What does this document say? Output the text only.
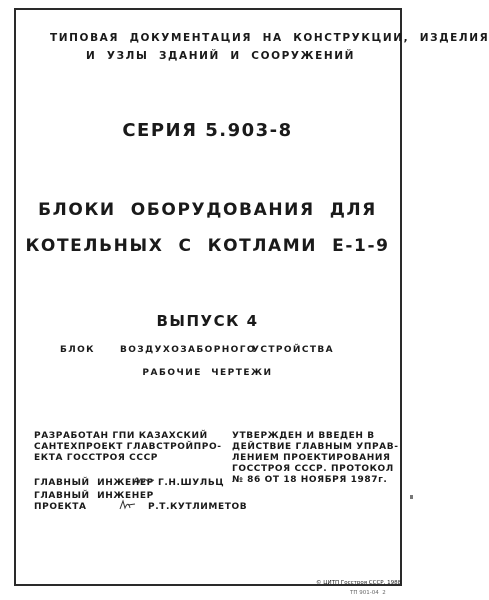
ТИПОВАЯ  ДОКУМЕНТАЦИЯ  НА  КОНСТРУКЦИИ,  ИЗДЕЛИЯ
И  УЗЛЫ  ЗДАНИЙ  И  СООРУЖЕНИЙ
СЕРИЯ 5.903-8
БЛОКИ  ОБОРУДОВАНИЯ  ДЛЯ
КОТЕЛЬНЫХ  С  КОТЛАМИ  Е-1-9
ВЫПУСК 4
БЛОК	ВОЗДУХОЗАБОРНОГО
УСТРОЙСТВА
РАБОЧИЕ  ЧЕРТЕЖИ
РАЗРАБОТАН ГПИ КАЗАХСКИЙ
САНТЕХПРОЕКТ ГЛАВСТРОЙПРО-
ЕКТА ГОССТРОЯ СССР
УТВЕРЖДЕН И ВВЕДЕН В
ДЕЙСТВИЕ ГЛАВНЫМ УПРАВ-
ЛЕНИЕМ ПРОЕКТИРОВАНИЯ
ГОССТРОЯ СССР. ПРОТОКОЛ
№ 86 ОТ 18 НОЯБРЯ 1987г.
ГЛАВНЫЙ  ИНЖЕНЕР Г.Н.ШУЛЬЦ
ГЛАВНЫЙ  ИНЖЕНЕР
ПРОЕКТА	Р.Т.КУТЛИМЕТОВ
© ЦИТП Госстроя СССР, 1988
ТП 901-04  2
